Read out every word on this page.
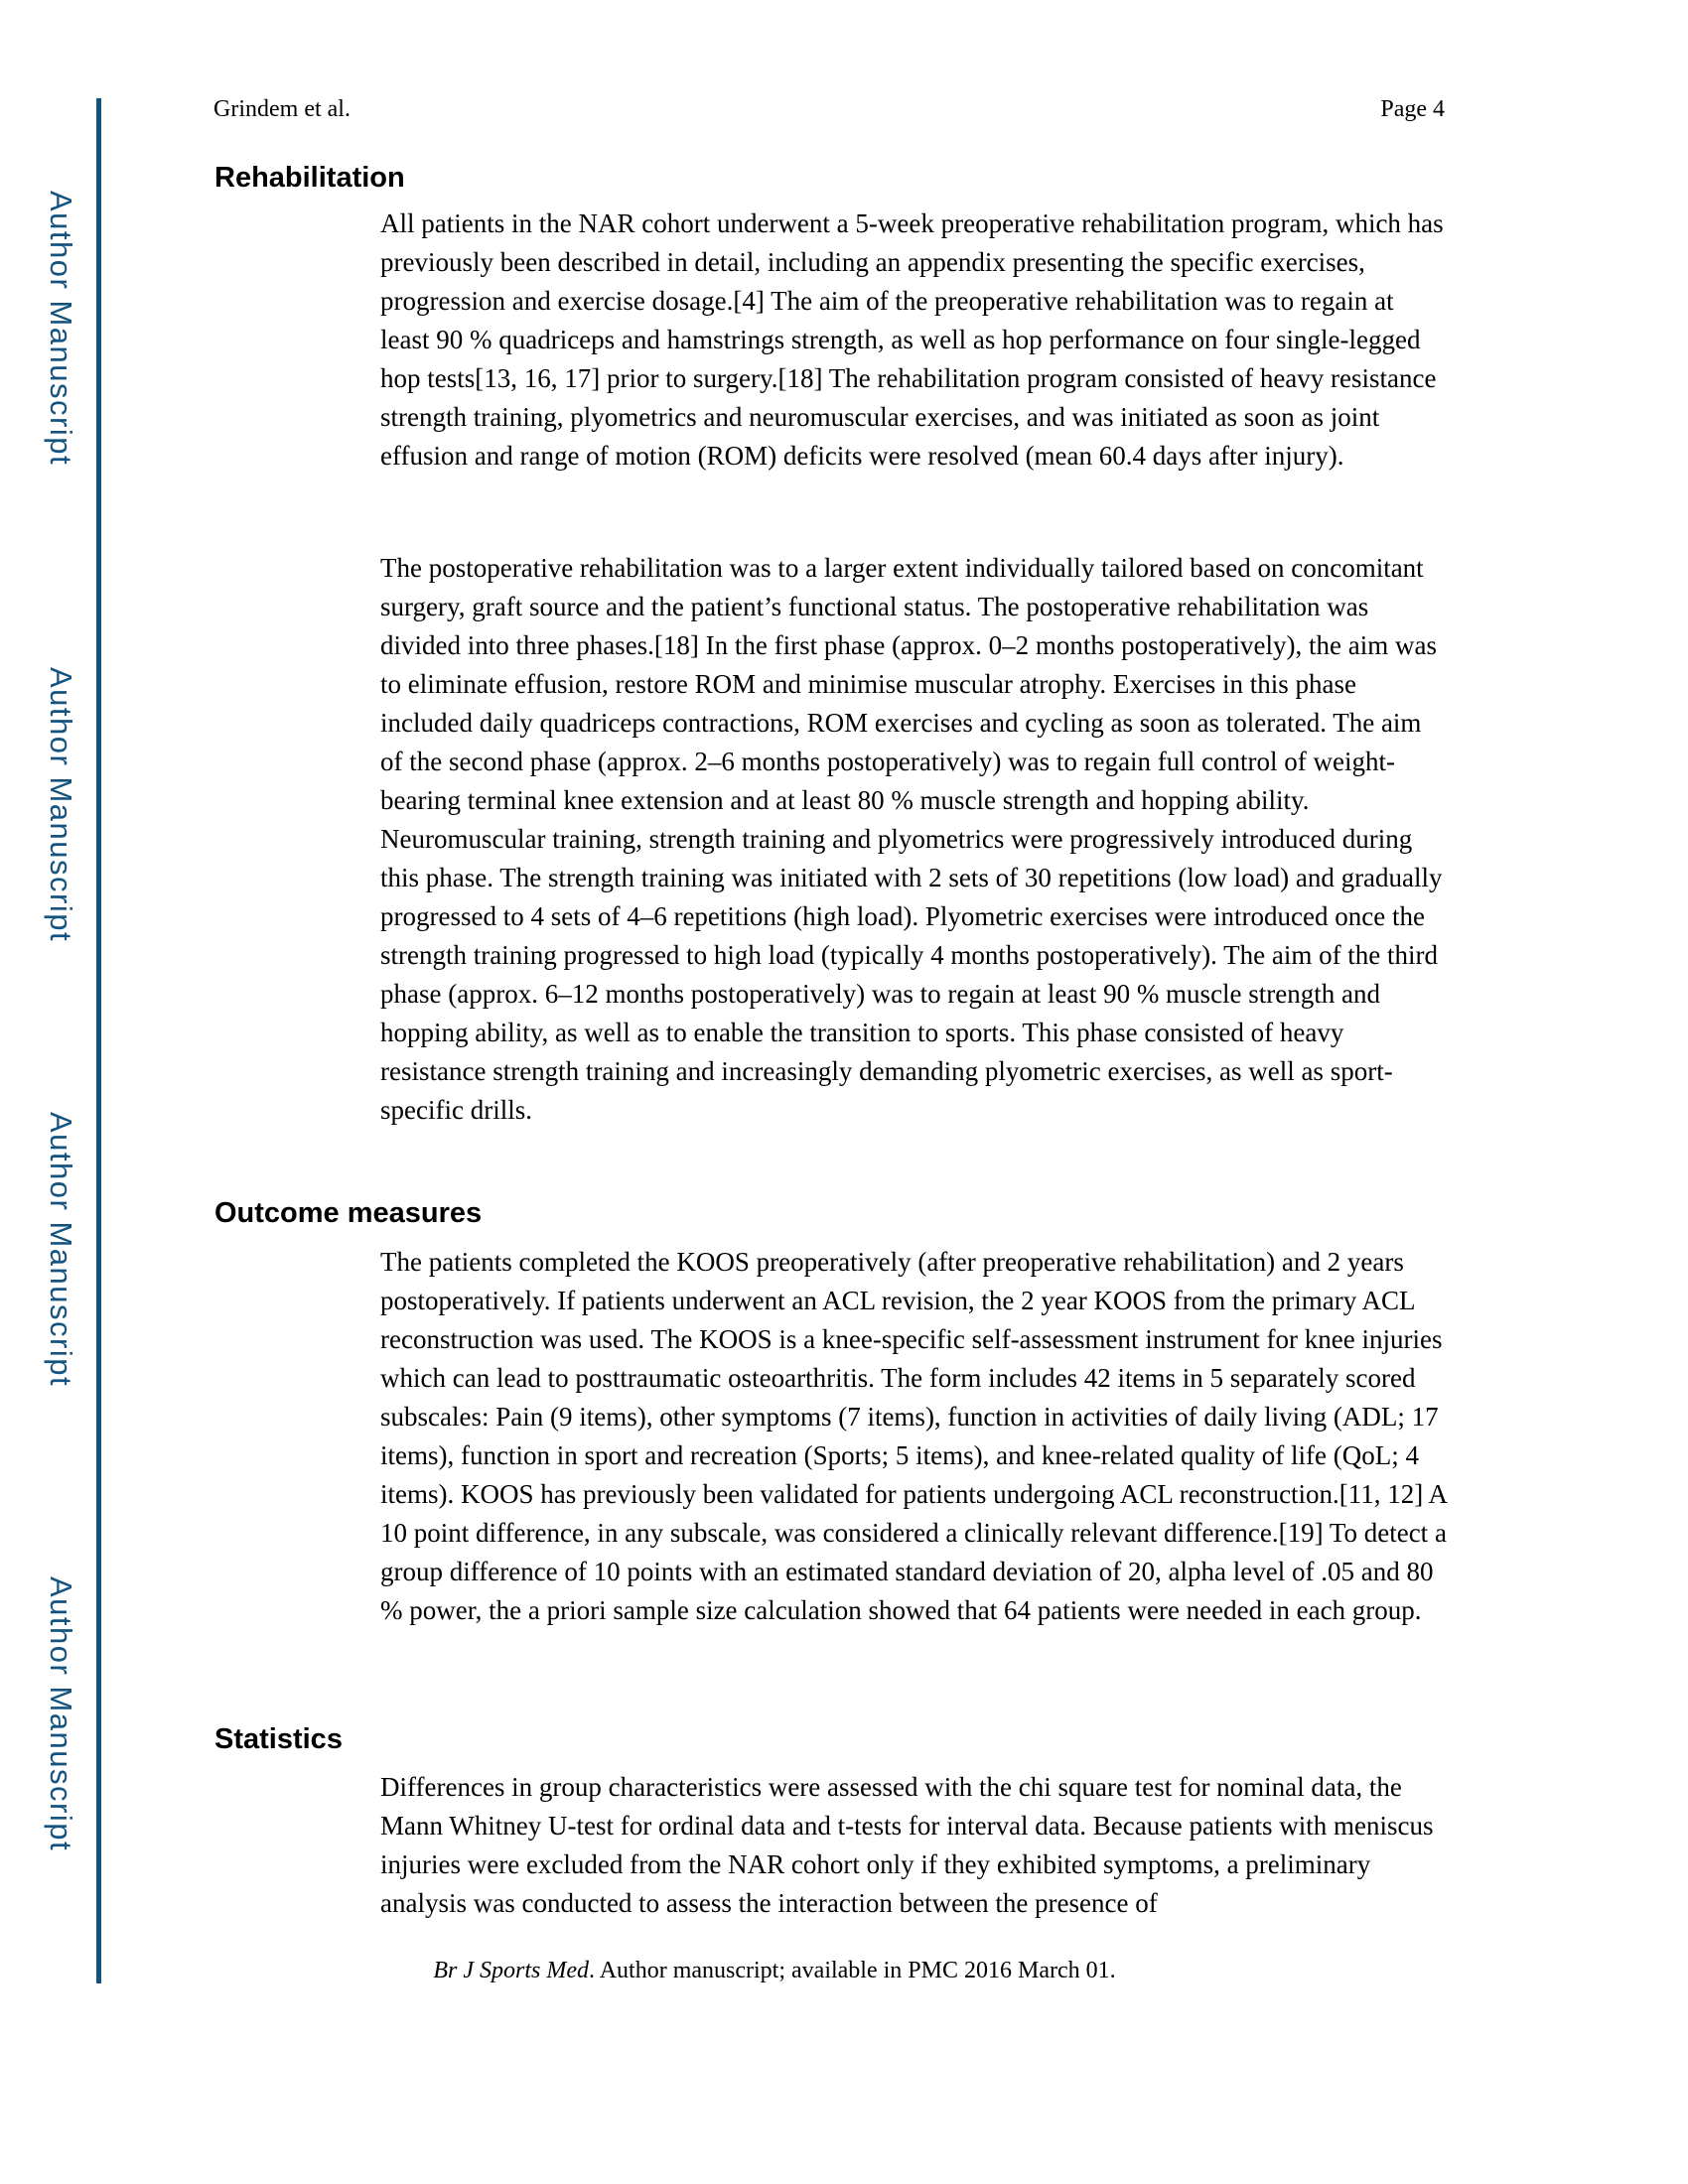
Grindem et al.	Page 4
Author Manuscript
Author Manuscript
Author Manuscript
Author Manuscript
Rehabilitation
All patients in the NAR cohort underwent a 5-week preoperative rehabilitation program, which has previously been described in detail, including an appendix presenting the specific exercises, progression and exercise dosage.[4] The aim of the preoperative rehabilitation was to regain at least 90 % quadriceps and hamstrings strength, as well as hop performance on four single-legged hop tests[13, 16, 17] prior to surgery.[18] The rehabilitation program consisted of heavy resistance strength training, plyometrics and neuromuscular exercises, and was initiated as soon as joint effusion and range of motion (ROM) deficits were resolved (mean 60.4 days after injury).
The postoperative rehabilitation was to a larger extent individually tailored based on concomitant surgery, graft source and the patient’s functional status. The postoperative rehabilitation was divided into three phases.[18] In the first phase (approx. 0–2 months postoperatively), the aim was to eliminate effusion, restore ROM and minimise muscular atrophy. Exercises in this phase included daily quadriceps contractions, ROM exercises and cycling as soon as tolerated. The aim of the second phase (approx. 2–6 months postoperatively) was to regain full control of weight-bearing terminal knee extension and at least 80 % muscle strength and hopping ability. Neuromuscular training, strength training and plyometrics were progressively introduced during this phase. The strength training was initiated with 2 sets of 30 repetitions (low load) and gradually progressed to 4 sets of 4–6 repetitions (high load). Plyometric exercises were introduced once the strength training progressed to high load (typically 4 months postoperatively). The aim of the third phase (approx. 6–12 months postoperatively) was to regain at least 90 % muscle strength and hopping ability, as well as to enable the transition to sports. This phase consisted of heavy resistance strength training and increasingly demanding plyometric exercises, as well as sport-specific drills.
Outcome measures
The patients completed the KOOS preoperatively (after preoperative rehabilitation) and 2 years postoperatively. If patients underwent an ACL revision, the 2 year KOOS from the primary ACL reconstruction was used. The KOOS is a knee-specific self-assessment instrument for knee injuries which can lead to posttraumatic osteoarthritis. The form includes 42 items in 5 separately scored subscales: Pain (9 items), other symptoms (7 items), function in activities of daily living (ADL; 17 items), function in sport and recreation (Sports; 5 items), and knee-related quality of life (QoL; 4 items). KOOS has previously been validated for patients undergoing ACL reconstruction.[11, 12] A 10 point difference, in any subscale, was considered a clinically relevant difference.[19] To detect a group difference of 10 points with an estimated standard deviation of 20, alpha level of .05 and 80 % power, the a priori sample size calculation showed that 64 patients were needed in each group.
Statistics
Differences in group characteristics were assessed with the chi square test for nominal data, the Mann Whitney U-test for ordinal data and t-tests for interval data. Because patients with meniscus injuries were excluded from the NAR cohort only if they exhibited symptoms, a preliminary analysis was conducted to assess the interaction between the presence of
Br J Sports Med. Author manuscript; available in PMC 2016 March 01.
